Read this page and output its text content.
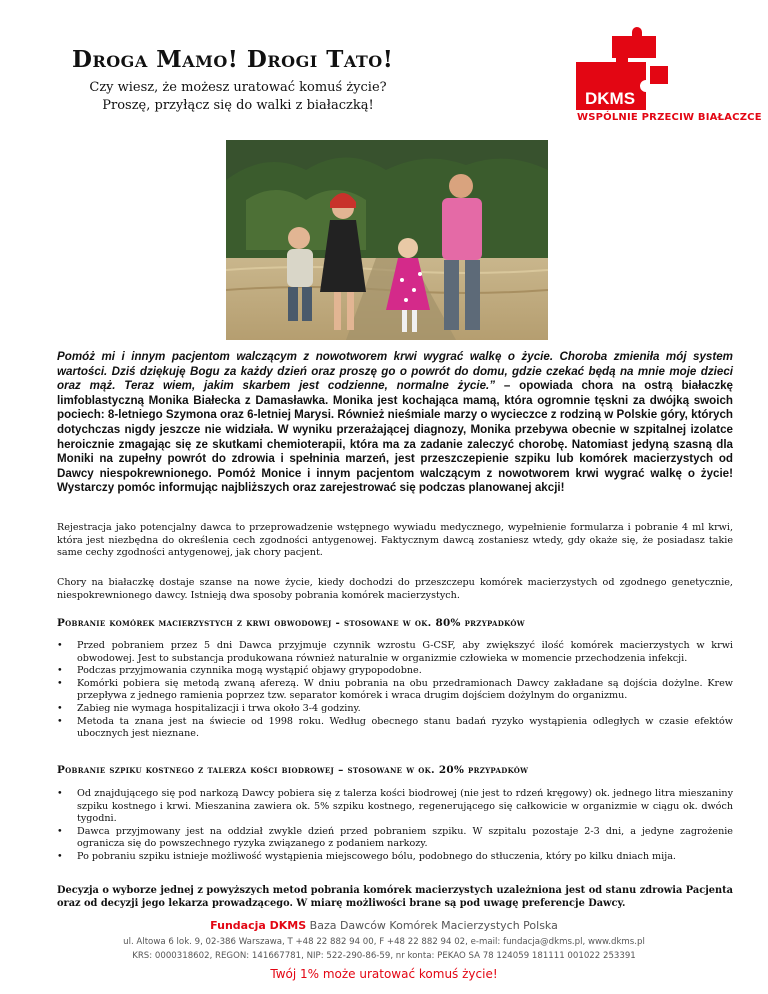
Droga Mamo! Drogi Tato!
Czy wiesz, że możesz uratować komuś życie?
Proszę, przyłącz się do walki z białaczką!	DKMS
WSPÓLNIE PRZECIW BIAŁACZCE
Pomóż mi i innym pacjentom walczącym z nowotworem krwi wygrać walkę o życie. Choroba zmieniła mój system wartości. Dziś dziękuję Bogu za każdy dzień oraz proszę go o powrót do domu, gdzie czekać będą na mnie moje dzieci oraz mąż. Teraz wiem, jakim skarbem jest codzienne, normalne życie.” – opowiada chora na ostrą białaczkę limfoblastyczną Monika Białecka z Damasławka. Monika jest kochająca mamą, która ogromnie tęskni za dwójką swoich pociech: 8-letniego Szymona oraz 6-letniej Marysi. Również nieśmiale marzy o wycieczce z rodziną w Polskie góry, których dotychczas nigdy jeszcze nie widziała. W wyniku przerażającej diagnozy, Monika przebywa obecnie w szpitalnej izolatce heroicznie zmagając się ze skutkami chemioterapii, która ma za zadanie zaleczyć chorobę. Natomiast jedyną szasną dla Moniki na zupełny powrót do zdrowia i spełninia marzeń, jest przeszczepienie szpiku lub komórek macierzystych od Dawcy niespokrewnionego. Pomóż Monice i innym pacjentom walczącym z nowotworem krwi wygrać walkę o życie! Wystarczy pomóc informując najbliższych oraz zarejestrować się podczas planowanej akcji!
Rejestracja jako potencjalny dawca to przeprowadzenie wstępnego wywiadu medycznego, wypełnienie formularza i pobranie 4 ml krwi, która jest niezbędna do określenia cech zgodności antygenowej. Faktycznym dawcą zostaniesz wtedy, gdy okaże się, że posiadasz takie same cechy zgodności antygenowej, jak chory pacjent.
Chory na białaczkę dostaje szanse na nowe życie, kiedy dochodzi do przeszczepu komórek macierzystych od zgodnego genetycznie, niespokrewnionego dawcy. Istnieją dwa sposoby pobrania komórek macierzystych.
Pobranie komórek macierzystych z krwi obwodowej - stosowane w ok. 80% przypadków
• Przed pobraniem przez 5 dni Dawca przyjmuje czynnik wzrostu G-CSF, aby zwiększyć ilość komórek macierzystych w krwi obwodowej. Jest to substancja produkowana również naturalnie w organizmie człowieka w momencie przechodzenia infekcji.
• Podczas przyjmowania czynnika mogą wystąpić objawy grypopodobne.
• Komórki pobiera się metodą zwaną aferezą. W dniu pobrania na obu przedramionach Dawcy zakładane są dojścia dożylne. Krew przepływa z jednego ramienia poprzez tzw. separator komórek i wraca drugim dojściem dożylnym do organizmu.
• Zabieg nie wymaga hospitalizacji i trwa około 3-4 godziny.
• Metoda ta znana jest na świecie od 1998 roku. Według obecnego stanu badań ryzyko wystąpienia odległych w czasie efektów ubocznych jest nieznane.
Pobranie szpiku kostnego z talerza kości biodrowej – stosowane w ok. 20% przypadków
• Od znajdującego się pod narkozą Dawcy pobiera się z talerza kości biodrowej (nie jest to rdzeń kręgowy) ok. jednego litra mieszaniny szpiku kostnego i krwi. Mieszanina zawiera ok. 5% szpiku kostnego, regenerującego się całkowicie w organizmie w ciągu ok. dwóch tygodni.
• Dawca przyjmowany jest na oddział zwykle dzień przed pobraniem szpiku. W szpitalu pozostaje 2-3 dni, a jedyne zagrożenie ogranicza się do powszechnego ryzyka związanego z podaniem narkozy.
• Po pobraniu szpiku istnieje możliwość wystąpienia miejscowego bólu, podobnego do stłuczenia, który po kilku dniach mija.
Decyzja o wyborze jednej z powyższych metod pobrania komórek macierzystych uzależniona jest od stanu zdrowia Pacjenta oraz od decyzji jego lekarza prowadzącego. W miarę możliwości brane są pod uwagę preferencje Dawcy.
Fundacja DKMS Baza Dawców Komórek Macierzystych Polska
ul. Altowa 6 lok. 9, 02-386 Warszawa, T +48 22 882 94 00, F +48 22 882 94 02, e-mail: fundacja@dkms.pl, www.dkms.pl
KRS: 0000318602, REGON: 141667781, NIP: 522-290-86-59, nr konta: PEKAO SA 78 124059 181111 001022 253391
Twój 1% może uratować komuś życie!
